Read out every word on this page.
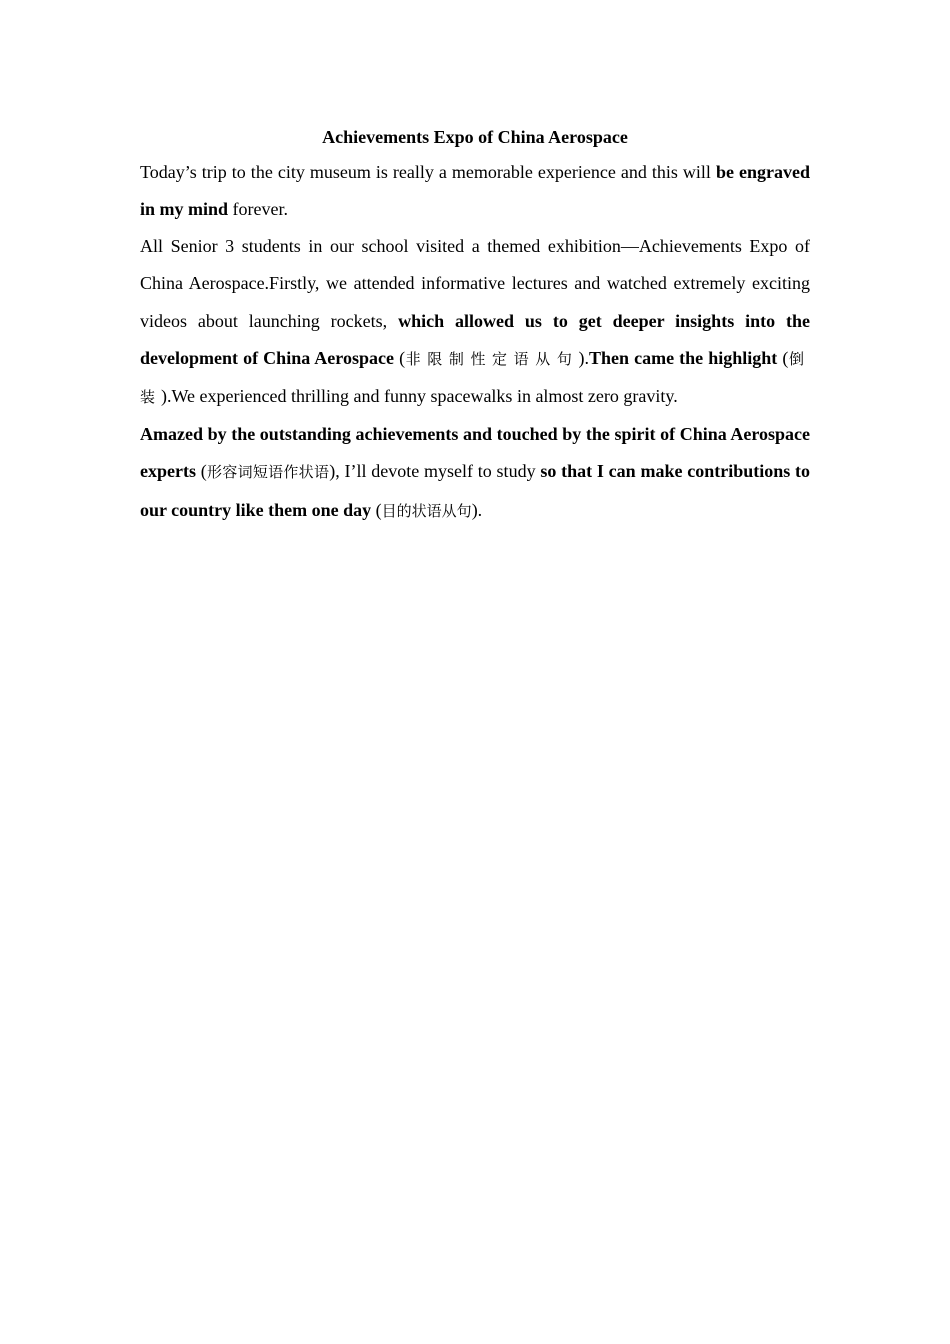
Achievements Expo of China Aerospace

Today’s trip to the city museum is really a memorable experience and this will be engraved in my mind forever.

All Senior 3 students in our school visited a themed exhibition—Achievements Expo of China Aerospace.Firstly, we attended informative lectures and watched extremely exciting videos about launching rockets, which allowed us to get deeper insights into the development of China Aerospace (非限制性定语从句).Then came the highlight (倒装).We experienced thrilling and funny spacewalks in almost zero gravity.

Amazed by the outstanding achievements and touched by the spirit of China Aerospace experts (形容词短语作状语), I’ll devote myself to study so that I can make contributions to our country like them one day (目的状语从句).
